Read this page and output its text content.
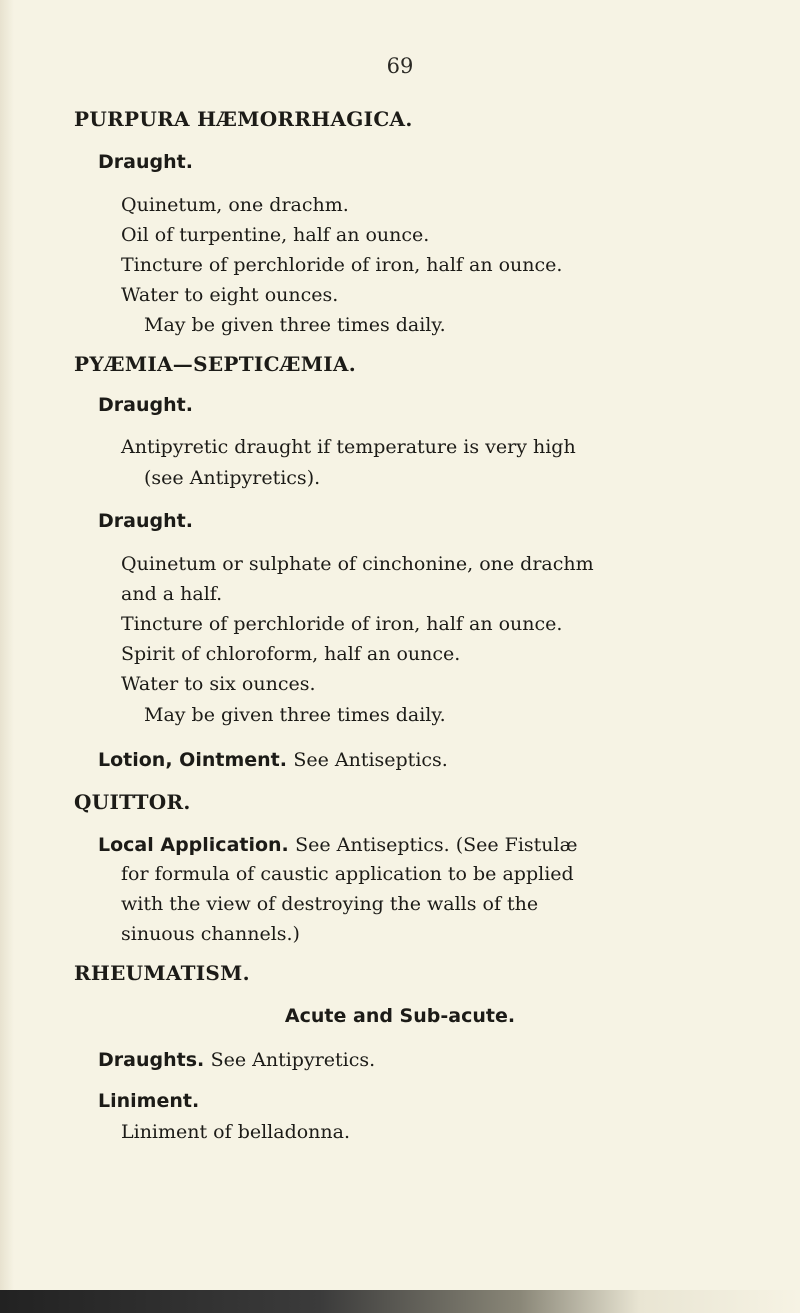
69
PURPURA HÆMORRHAGICA.
Draught.
Quinetum, one drachm.
Oil of turpentine, half an ounce.
Tincture of perchloride of iron, half an ounce.
Water to eight ounces.
May be given three times daily.
PYÆMIA—SEPTICÆMIA.
Draught.
Antipyretic draught if temperature is very high
(see Antipyretics).
Draught.
Quinetum or sulphate of cinchonine, one drachm
and a half.
Tincture of perchloride of iron, half an ounce.
Spirit of chloroform, half an ounce.
Water to six ounces.
May be given three times daily.
Lotion, Ointment. See Antiseptics.
QUITTOR.
Local Application. See Antiseptics. (See Fistulæ
for formula of caustic application to be applied
with the view of destroying the walls of the
sinuous channels.)
RHEUMATISM.
Acute and Sub-acute.
Draughts. See Antipyretics.
Liniment.
Liniment of belladonna.
